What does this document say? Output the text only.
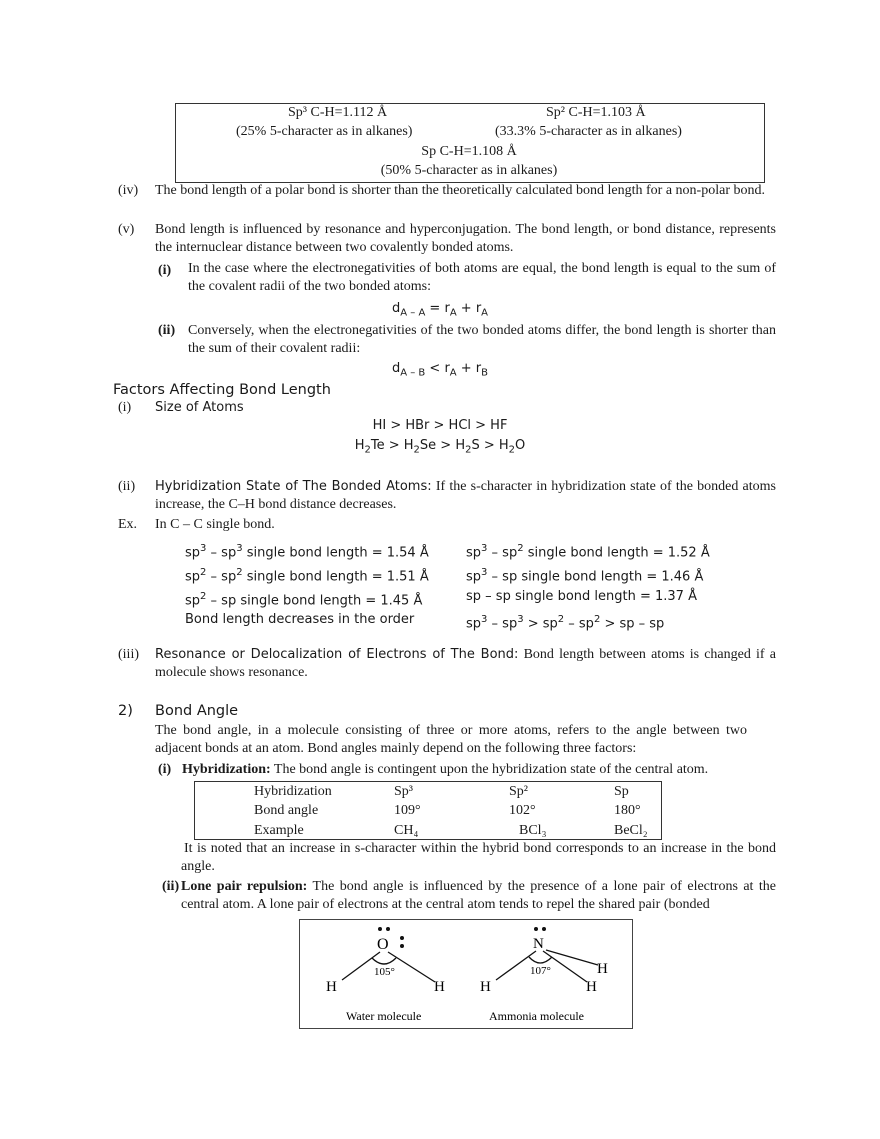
Sp³ C-H=1.112 Å	Sp² C-H=1.103 Å
(25% 5-character as in alkanes)	(33.3% 5-character as in alkanes)
Sp C-H=1.108 Å
(50% 5-character as in alkanes)
(iv) The bond length of a polar bond is shorter than the theoretically calculated bond length for a non-polar bond.
(v) Bond length is influenced by resonance and hyperconjugation. The bond length, or bond distance, represents the internuclear distance between two covalently bonded atoms.
(i) In the case where the electronegativities of both atoms are equal, the bond length is equal to the sum of the covalent radii of the two bonded atoms:
$d_{A - A} = r_A + r_A$
(ii) Conversely, when the electronegativities of the two bonded atoms differ, the bond length is shorter than the sum of their covalent radii:
$d_{A - B} < r_A + r_B$
Factors Affecting Bond Length
(i) Size of Atoms
HI > HBr > HCl > HF
$H_2Te > H_2Se > H_2S > H_2O$
(ii) Hybridization State of The Bonded Atoms: If the s-character in hybridization state of the bonded atoms increase, the C–H bond distance decreases.
Ex. In C – C single bond.
$sp^3 - sp^3$ single bond length = 1.54 Å	$sp^3 - sp^2$ single bond length = 1.52 Å
$sp^2 - sp^2$ single bond length = 1.51 Å	$sp^3$ – sp single bond length = 1.46 Å
$sp^2$ – sp single bond length = 1.45 Å	sp – sp single bond length = 1.37 Å
Bond length decreases in the order	$sp^3 - sp^3 > sp^2 - sp^2$ > sp – sp
(iii) Resonance or Delocalization of Electrons of The Bond: Bond length between atoms is changed if a molecule shows resonance.
2) Bond Angle
The bond angle, in a molecule consisting of three or more atoms, refers to the angle between two adjacent bonds at an atom. Bond angles mainly depend on the following three factors:
(i) Hybridization: The bond angle is contingent upon the hybridization state of the central atom.
Hybridization	Sp³	Sp²	Sp
Bond angle	109°	102°	180°
Example	CH₄	BCl₃	BeCl₂
It is noted that an increase in s-character within the hybrid bond corresponds to an increase in the bond angle.
(ii) Lone pair repulsion: The bond angle is influenced by the presence of a lone pair of electrons at the central atom. A lone pair of electrons at the central atom tends to repel the shared pair (bonded
O	N
105°	107°
H	H H
H
H
Water molecule	Ammonia molecule
